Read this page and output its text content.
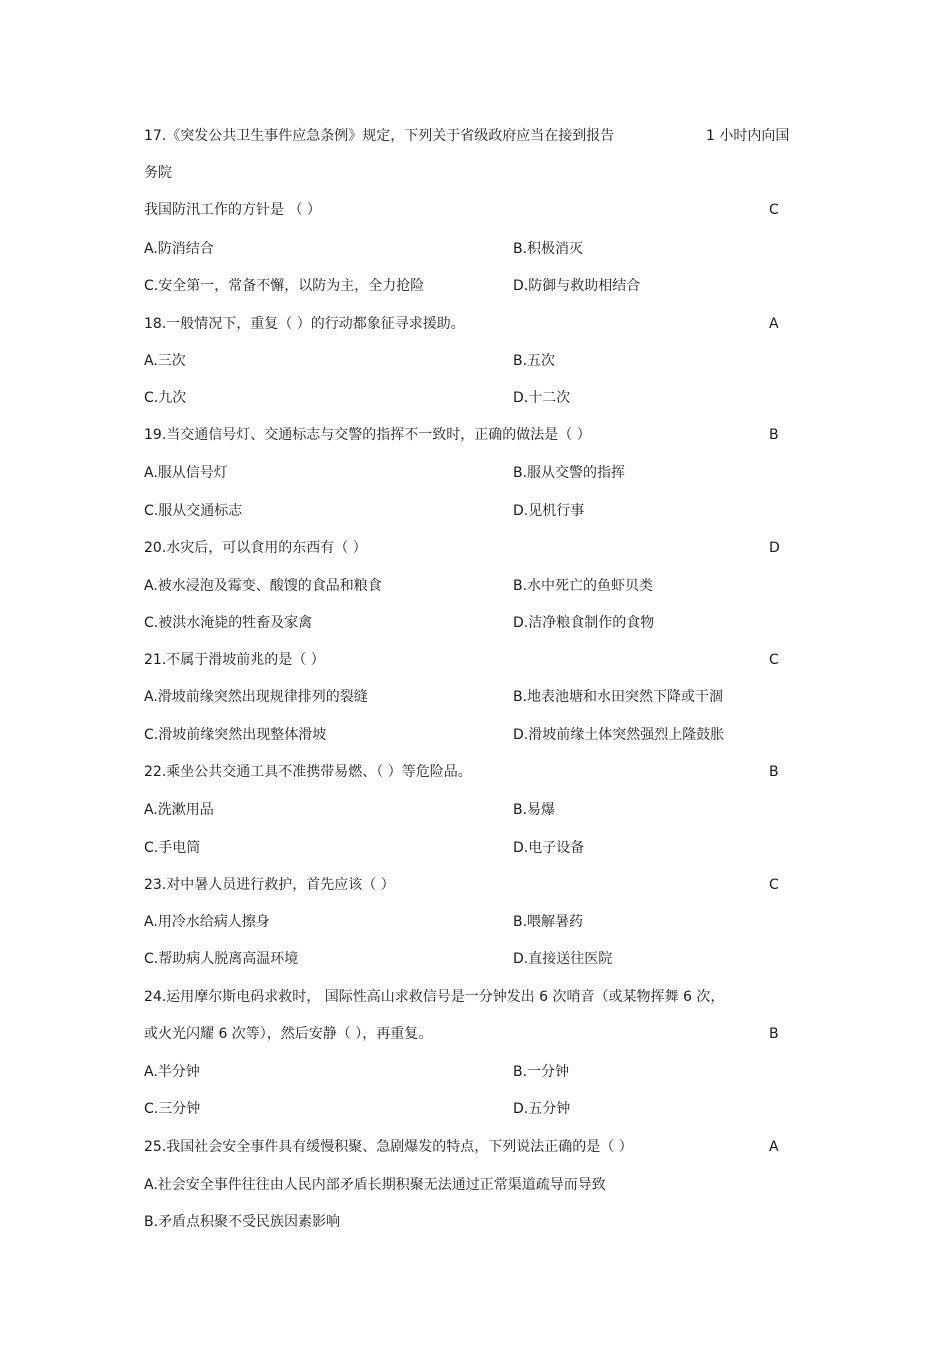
17.《突发公共卫生事件应急条例》规定，下列关于省级政府应当在接到报告	1 小时内向国
务院
我国防汛工作的方针是 （ ）	C
A.防消结合	B.积极消灭
C.安全第一，常备不懈，以防为主，全力抢险	D.防御与救助相结合
18.一般情况下，重复（ ）的行动都象征寻求援助。	A
A.三次	B.五次
C.九次	D.十二次
19.当交通信号灯、交通标志与交警的指挥不一致时，正确的做法是（ ）	B
A.服从信号灯	B.服从交警的指挥
C.服从交通标志	D.见机行事
20.水灾后，可以食用的东西有（ ）	D
A.被水浸泡及霉变、酸馊的食品和粮食	B.水中死亡的鱼虾贝类
C.被洪水淹毙的牲畜及家禽	D.洁净粮食制作的食物
21.不属于滑坡前兆的是（ ）	C
A.滑坡前缘突然出现规律排列的裂缝	B.地表池塘和水田突然下降或干涸
C.滑坡前缘突然出现整体滑坡	D.滑坡前缘土体突然强烈上隆鼓胀
22.乘坐公共交通工具不准携带易燃、（ ）等危险品。	B
A.洗漱用品	B.易爆
C.手电筒	D.电子设备
23.对中暑人员进行救护，首先应该（ ）	C
A.用冷水给病人擦身	B.喂解暑药
C.帮助病人脱离高温环境	D.直接送往医院
24.运用摩尔斯电码求救时， 国际性高山求救信号是一分钟发出 6 次哨音（或某物挥舞 6 次，
或火光闪耀 6 次等），然后安静（ ），再重复。	B
A.半分钟	B.一分钟
C.三分钟	D.五分钟
25.我国社会安全事件具有缓慢积聚、急剧爆发的特点，下列说法正确的是（ ）	A
A.社会安全事件往往由人民内部矛盾长期积聚无法通过正常渠道疏导而导致
B.矛盾点积聚不受民族因素影响
